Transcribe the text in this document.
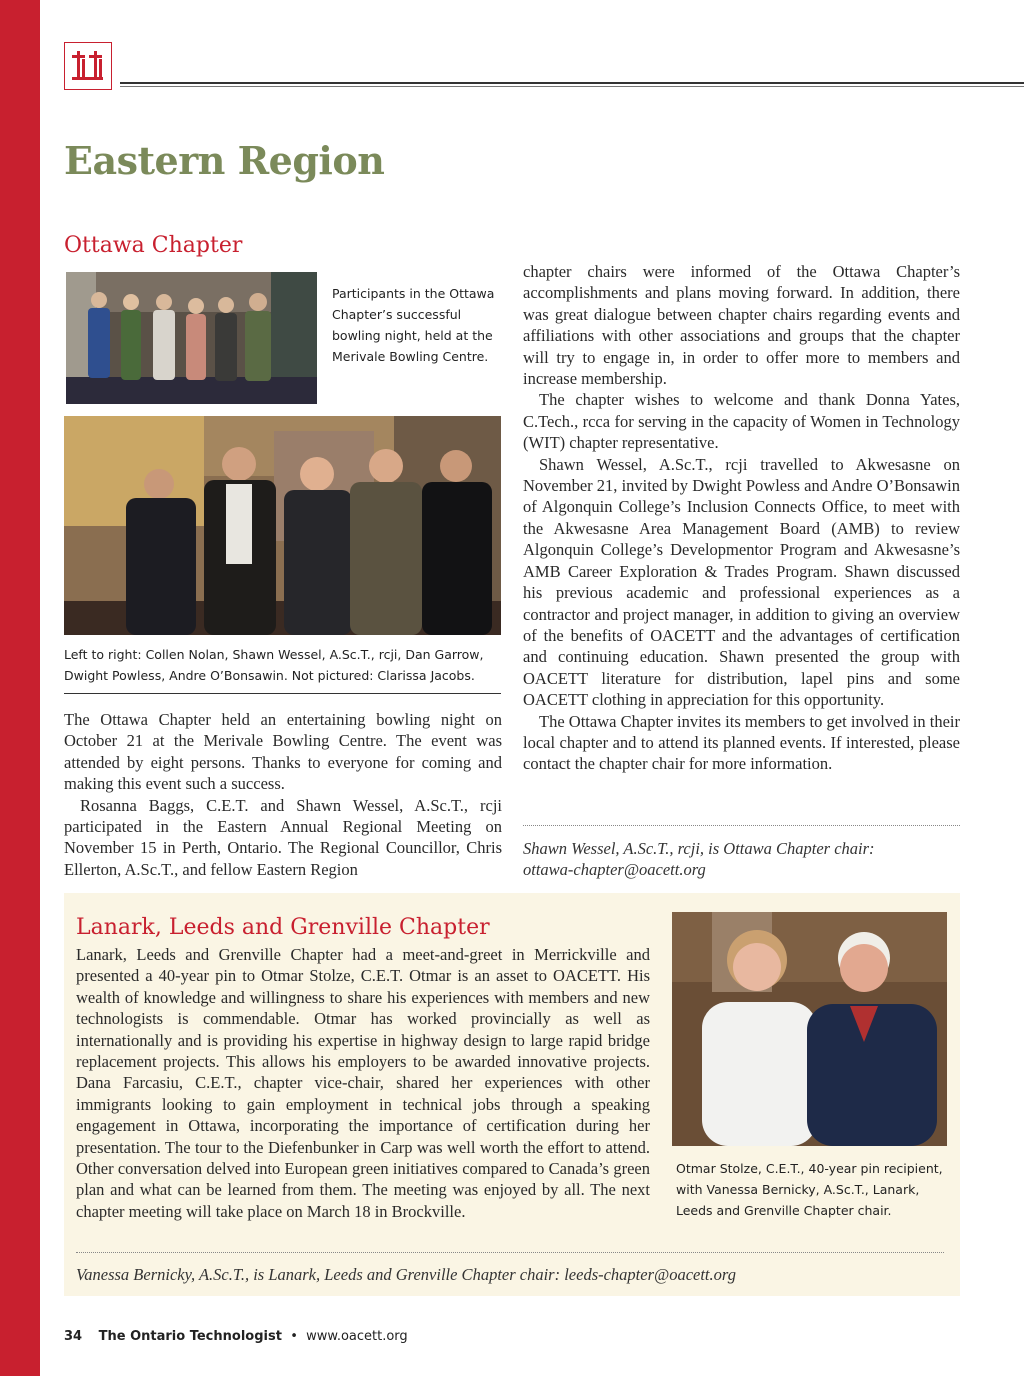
Eastern Region
Ottawa Chapter
Participants in the Ottawa Chapter’s successful bowling night, held at the Merivale Bowling Centre.
Left to right: Collen Nolan, Shawn Wessel, A.Sc.T., rcji, Dan Garrow, Dwight Powless, Andre O’Bonsawin. Not pictured: Clarissa Jacobs.

The Ottawa Chapter held an entertaining bowling night on October 21 at the Merivale Bowling Centre. The event was attended by eight persons. Thanks to everyone for coming and making this event such a success.

Rosanna Baggs, C.E.T. and Shawn Wessel, A.Sc.T., rcji participated in the Eastern Annual Regional Meeting on November 15 in Perth, Ontario. The Regional Councillor, Chris Ellerton, A.Sc.T., and fellow Eastern Region

chapter chairs were informed of the Ottawa Chapter’s accomplishments and plans moving forward. In addition, there was great dialogue between chapter chairs regarding events and affiliations with other associations and groups that the chapter will try to engage in, in order to offer more to members and increase membership.

The chapter wishes to welcome and thank Donna Yates, C.Tech., rcca for serving in the capacity of Women in Technology (WIT) chapter representative.

Shawn Wessel, A.Sc.T., rcji travelled to Akwesasne on November 21, invited by Dwight Powless and Andre O’Bonsawin of Algonquin College’s Inclusion Connects Office, to meet with the Akwesasne Area Management Board (AMB) to review Algonquin College’s Developmentor Program and Akwesasne’s AMB Career Exploration & Trades Program. Shawn discussed his previous academic and professional experiences as a contractor and project manager, in addition to giving an overview of the benefits of OACETT and the advantages of certification and continuing education. Shawn presented the group with OACETT literature for distribution, lapel pins and some OACETT clothing in appreciation for this opportunity.

The Ottawa Chapter invites its members to get involved in their local chapter and to attend its planned events. If interested, please contact the chapter chair for more information.

Shawn Wessel, A.Sc.T., rcji, is Ottawa Chapter chair:
ottawa-chapter@oacett.org
Lanark, Leeds and Grenville Chapter

Lanark, Leeds and Grenville Chapter had a meet-and-greet in Merrickville and presented a 40-year pin to Otmar Stolze, C.E.T. Otmar is an asset to OACETT. His wealth of knowledge and willingness to share his experiences with members and new technologists is commendable. Otmar has worked provincially as well as internationally and is providing his expertise in highway design to large rapid bridge replacement projects. This allows his employers to be awarded innovative projects. Dana Farcasiu, C.E.T., chapter vice-chair, shared her experiences with other immigrants looking to gain employment in technical jobs through a speaking engagement in Ottawa, incorporating the importance of certification during her presentation. The tour to the Diefenbunker in Carp was well worth the effort to attend. Other conversation delved into European green initiatives compared to Canada’s green plan and what can be learned from them. The meeting was enjoyed by all. The next chapter meeting will take place on March 18 in Brockville.

Otmar Stolze, C.E.T., 40-year pin recipient, with Vanessa Bernicky, A.Sc.T., Lanark, Leeds and Grenville Chapter chair.
Vanessa Bernicky, A.Sc.T., is Lanark, Leeds and Grenville Chapter chair: leeds-chapter@oacett.org
34 The Ontario Technologist • www.oacett.org
